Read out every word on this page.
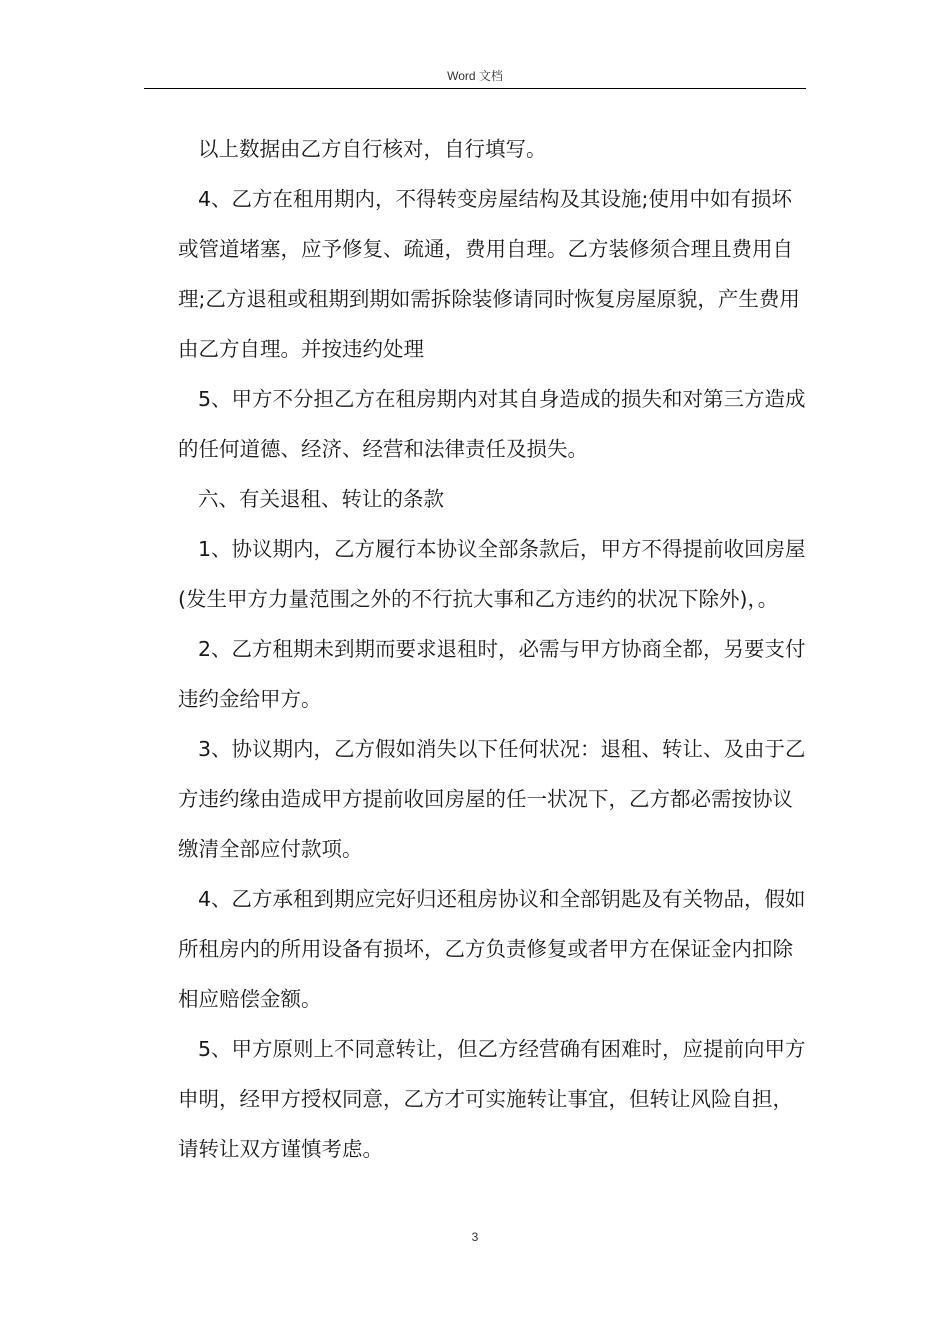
Word 文档

以上数据由乙方自行核对，自行填写。

4、乙方在租用期内，不得转变房屋结构及其设施;使用中如有损坏或管道堵塞，应予修复、疏通，费用自理。乙方装修须合理且费用自理;乙方退租或租期到期如需拆除装修请同时恢复房屋原貌，产生费用由乙方自理。并按违约处理

5、甲方不分担乙方在租房期内对其自身造成的损失和对第三方造成的任何道德、经济、经营和法律责任及损失。

六、有关退租、转让的条款

1、协议期内，乙方履行本协议全部条款后，甲方不得提前收回房屋(发生甲方力量范围之外的不行抗大事和乙方违约的状况下除外)，。

2、乙方租期未到期而要求退租时，必需与甲方协商全都，另要支付违约金给甲方。

3、协议期内，乙方假如消失以下任何状况：退租、转让、及由于乙方违约缘由造成甲方提前收回房屋的任一状况下，乙方都必需按协议缴清全部应付款项。

4、乙方承租到期应完好归还租房协议和全部钥匙及有关物品，假如所租房内的所用设备有损坏，乙方负责修复或者甲方在保证金内扣除相应赔偿金额。

5、甲方原则上不同意转让，但乙方经营确有困难时，应提前向甲方申明，经甲方授权同意，乙方才可实施转让事宜，但转让风险自担，请转让双方谨慎考虑。

3
